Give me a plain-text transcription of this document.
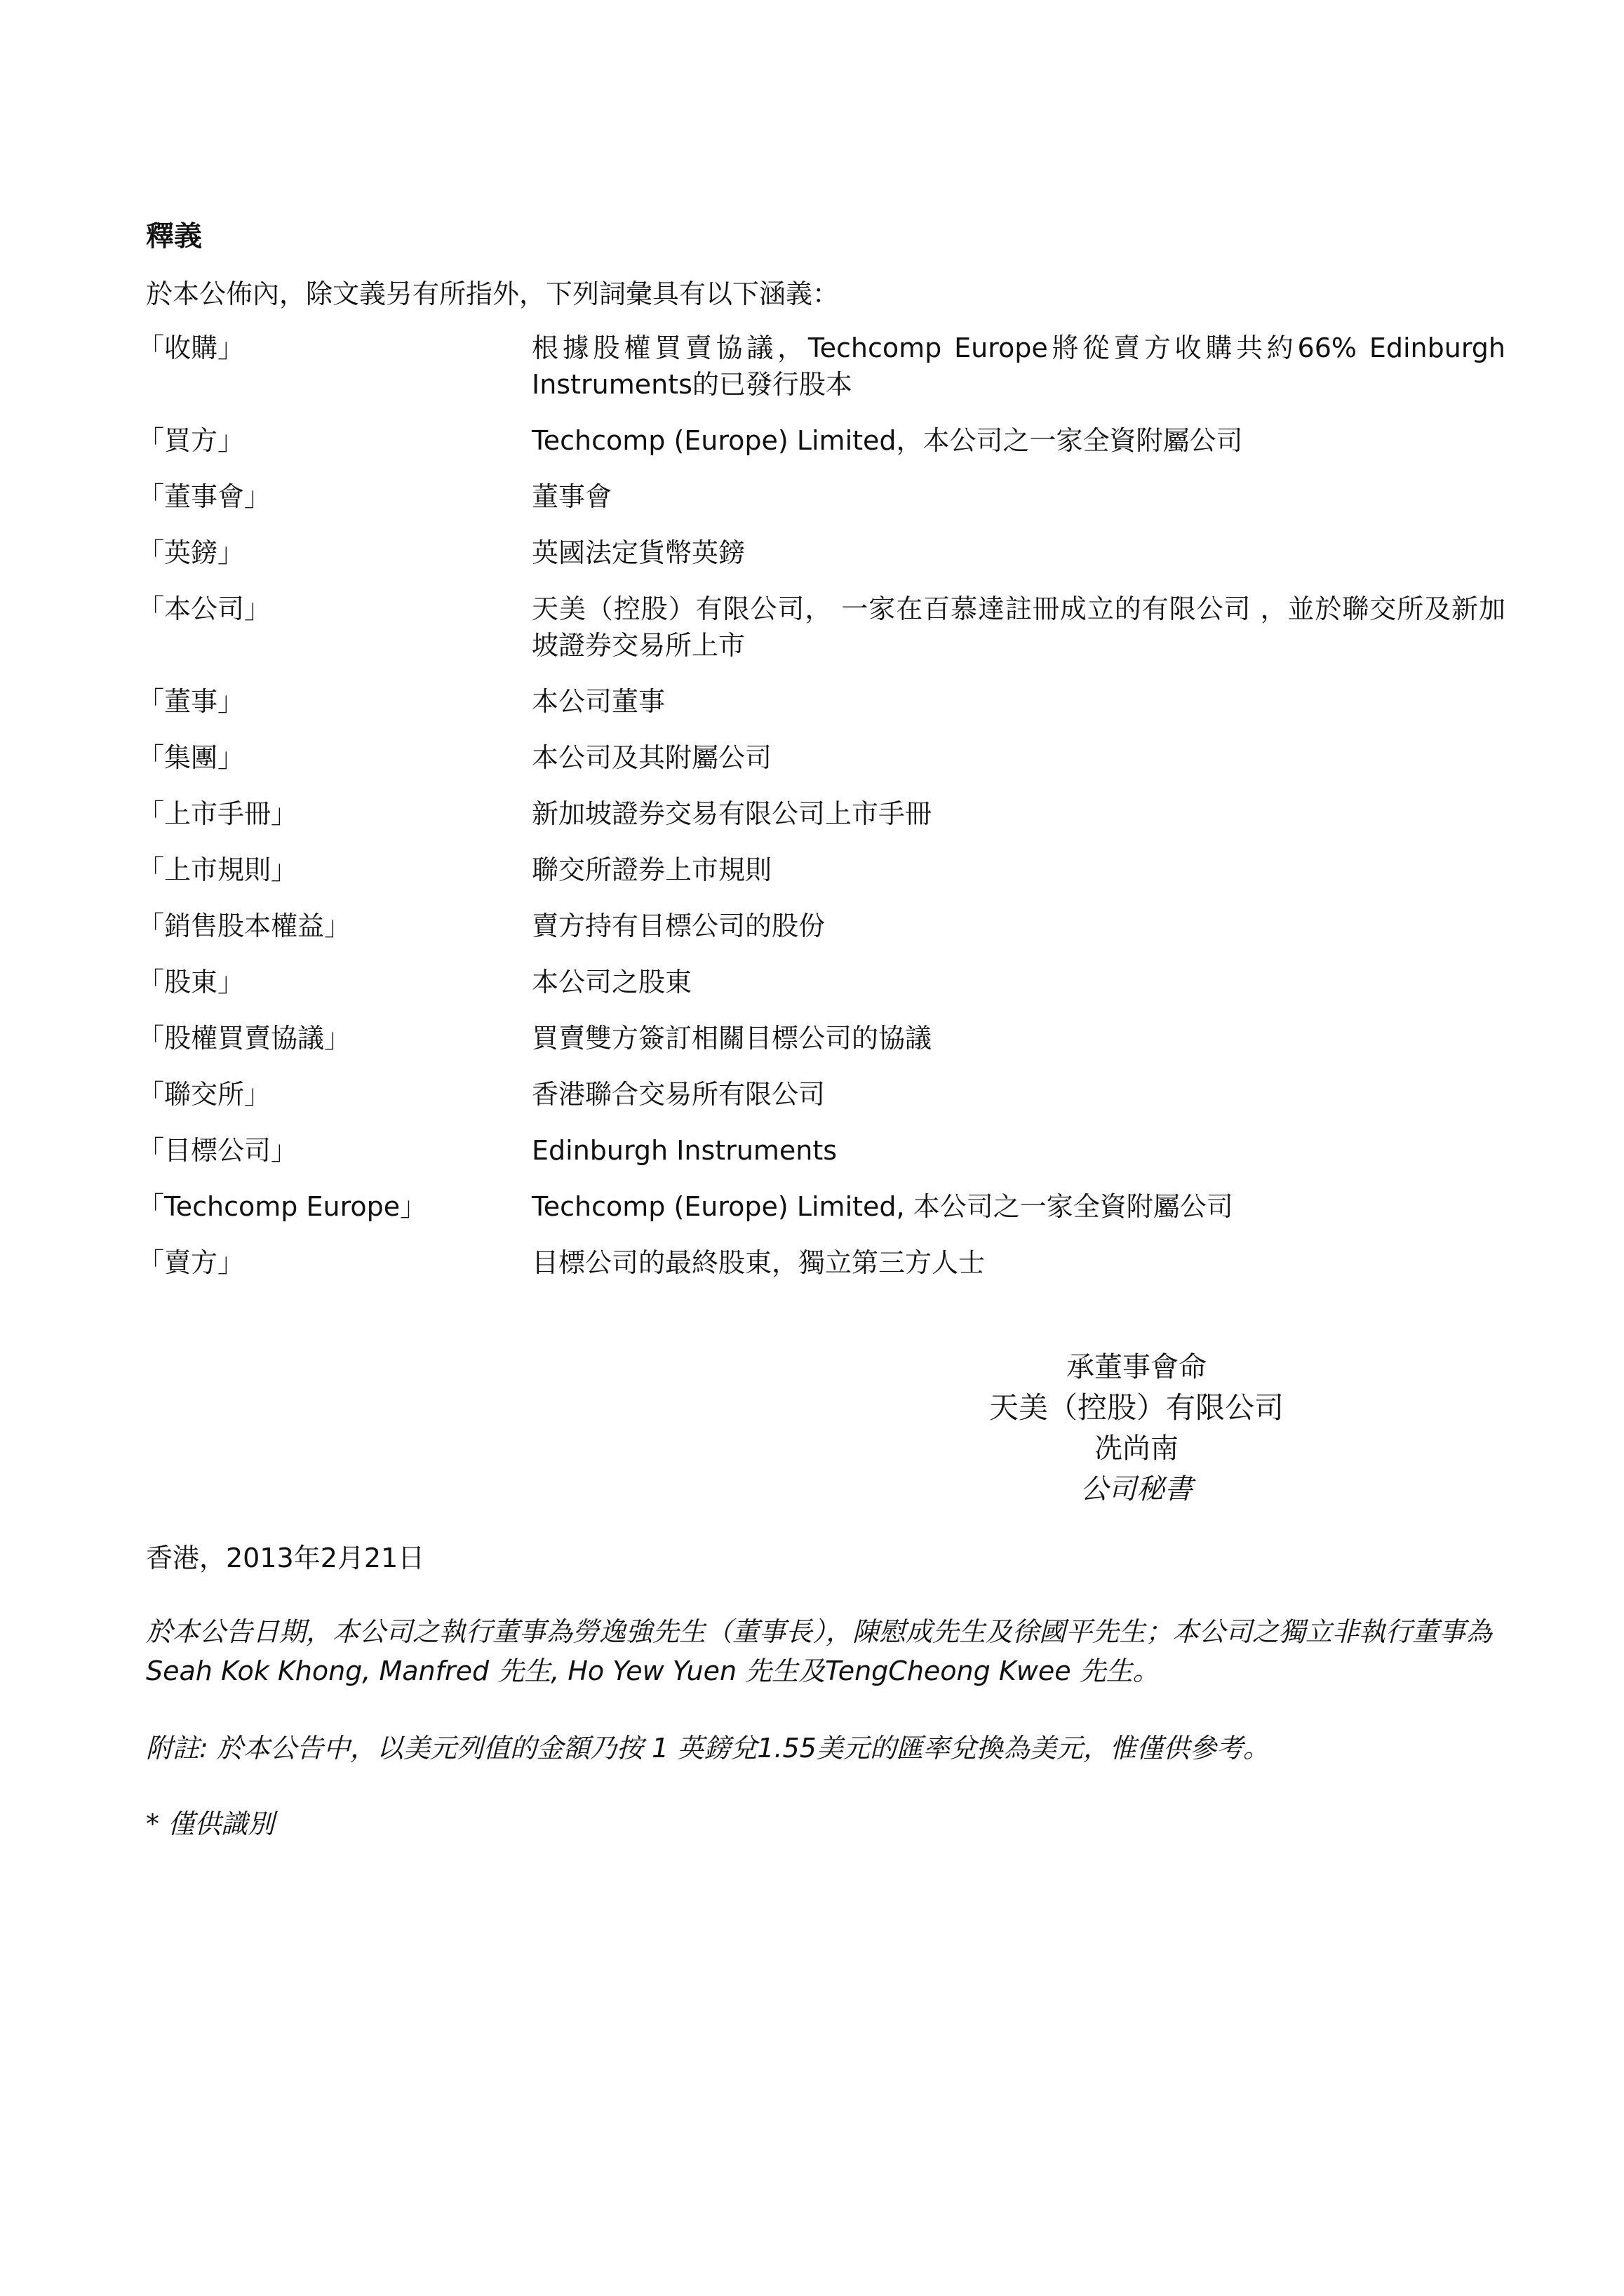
釋義
於本公佈內，除文義另有所指外，下列詞彙具有以下涵義：
「收購」	根據股權買賣協議，Techcomp Europe將從賣方收購共約66% Edinburgh Instruments的已發行股本
「買方」	Techcomp (Europe) Limited，本公司之一家全資附屬公司
「董事會」	董事會
「英鎊」	英國法定貨幣英鎊
「本公司」	天美（控股）有限公司， 一家在百慕達註冊成立的有限公司 ，並於聯交所及新加坡證券交易所上市
「董事」	本公司董事
「集團」	本公司及其附屬公司
「上市手冊」	新加坡證券交易有限公司上市手冊
「上市規則」	聯交所證券上市規則
「銷售股本權益」	賣方持有目標公司的股份
「股東」	本公司之股東
「股權買賣協議」	買賣雙方簽訂相關目標公司的協議
「聯交所」	香港聯合交易所有限公司
「目標公司」	Edinburgh Instruments
「Techcomp Europe」	Techcomp (Europe) Limited, 本公司之一家全資附屬公司
「賣方」	目標公司的最終股東，獨立第三方人士
承董事會命
天美（控股）有限公司
冼尚南
公司秘書
香港，2013年2月21日
於本公告日期，本公司之執行董事為勞逸強先生（董事長），陳慰成先生及徐國平先生；本公司之獨立非執行董事為Seah Kok Khong, Manfred 先生, Ho Yew Yuen 先生及TengCheong Kwee 先生。
附註: 於本公告中，以美元列值的金額乃按 1 英鎊兌1.55美元的匯率兌換為美元，惟僅供參考。
* 僅供識別
